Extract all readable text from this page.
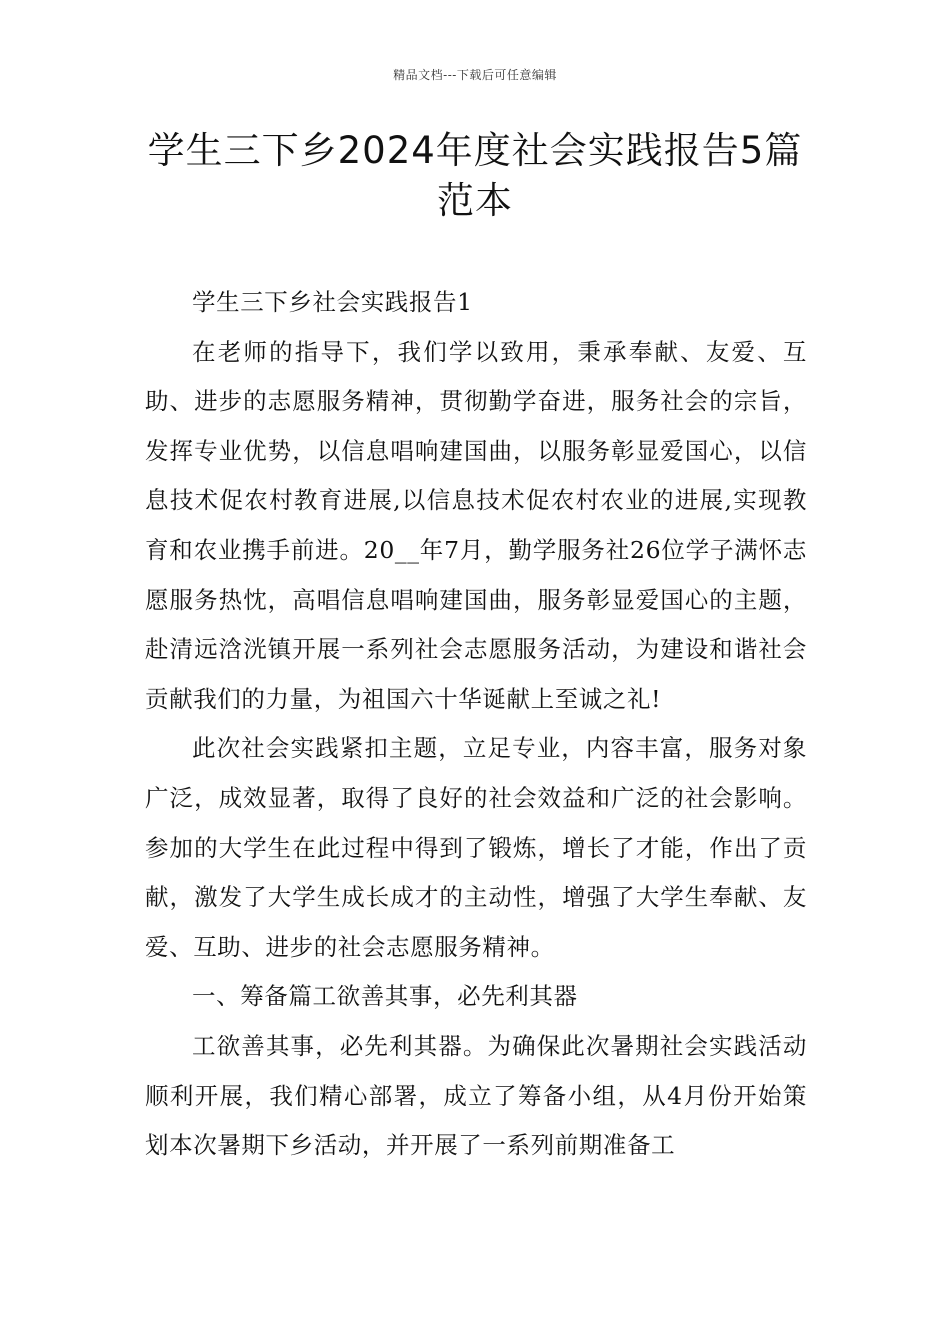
精品文档---下载后可任意编辑
学生三下乡2024年度社会实践报告5篇范本

学生三下乡社会实践报告1

在老师的指导下，我们学以致用，秉承奉献、友爱、互助、进步的志愿服务精神，贯彻勤学奋进，服务社会的宗旨，发挥专业优势，以信息唱响建国曲，以服务彰显爱国心，以信息技术促农村教育进展,以信息技术促农村农业的进展,实现教育和农业携手前进。20__年7月，勤学服务社26位学子满怀志愿服务热忱，高唱信息唱响建国曲，服务彰显爱国心的主题，赴清远浛洸镇开展一系列社会志愿服务活动，为建设和谐社会贡献我们的力量，为祖国六十华诞献上至诚之礼!

此次社会实践紧扣主题，立足专业，内容丰富，服务对象广泛，成效显著，取得了良好的社会效益和广泛的社会影响。参加的大学生在此过程中得到了锻炼，增长了才能，作出了贡献，激发了大学生成长成才的主动性，增强了大学生奉献、友爱、互助、进步的社会志愿服务精神。

一、筹备篇工欲善其事，必先利其器

工欲善其事，必先利其器。为确保此次暑期社会实践活动顺利开展，我们精心部署，成立了筹备小组，从4月份开始策划本次暑期下乡活动，并开展了一系列前期准备工
